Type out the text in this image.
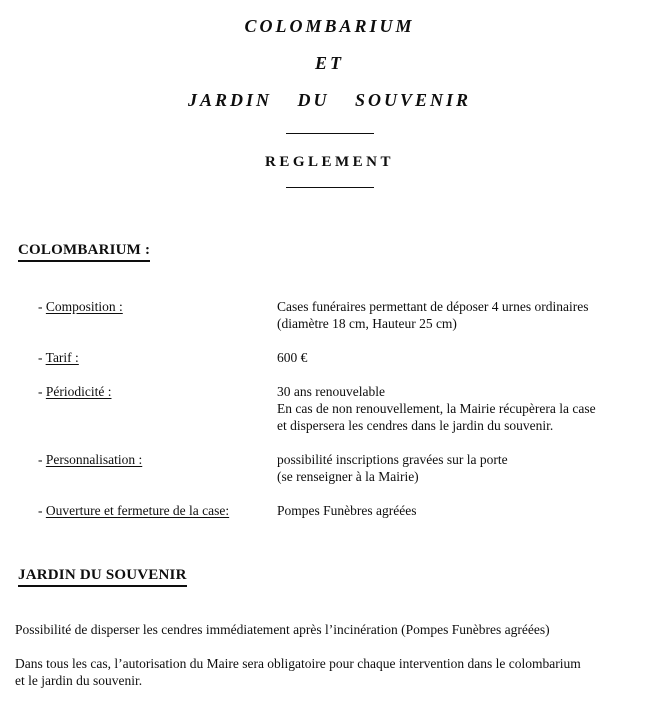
COLOMBARIUM
ET
JARDIN DU SOUVENIR
REGLEMENT
COLOMBARIUM :
- Composition :	Cases funéraires permettant de déposer 4 urnes ordinaires
(diamètre 18 cm, Hauteur 25 cm)
- Tarif :	600 €
- Périodicité :	30 ans renouvelable
En cas de non renouvellement, la Mairie récupèrera la case
et dispersera les cendres dans le jardin du souvenir.
- Personnalisation :	possibilité inscriptions gravées sur la porte
(se renseigner à la Mairie)
- Ouverture et fermeture de la case:	Pompes Funèbres agréées
JARDIN DU SOUVENIR

Possibilité de disperser les cendres immédiatement après l’incinération (Pompes Funèbres agréées)

Dans tous les cas, l’autorisation du Maire sera obligatoire pour chaque intervention dans le colombarium
et le jardin du souvenir.
